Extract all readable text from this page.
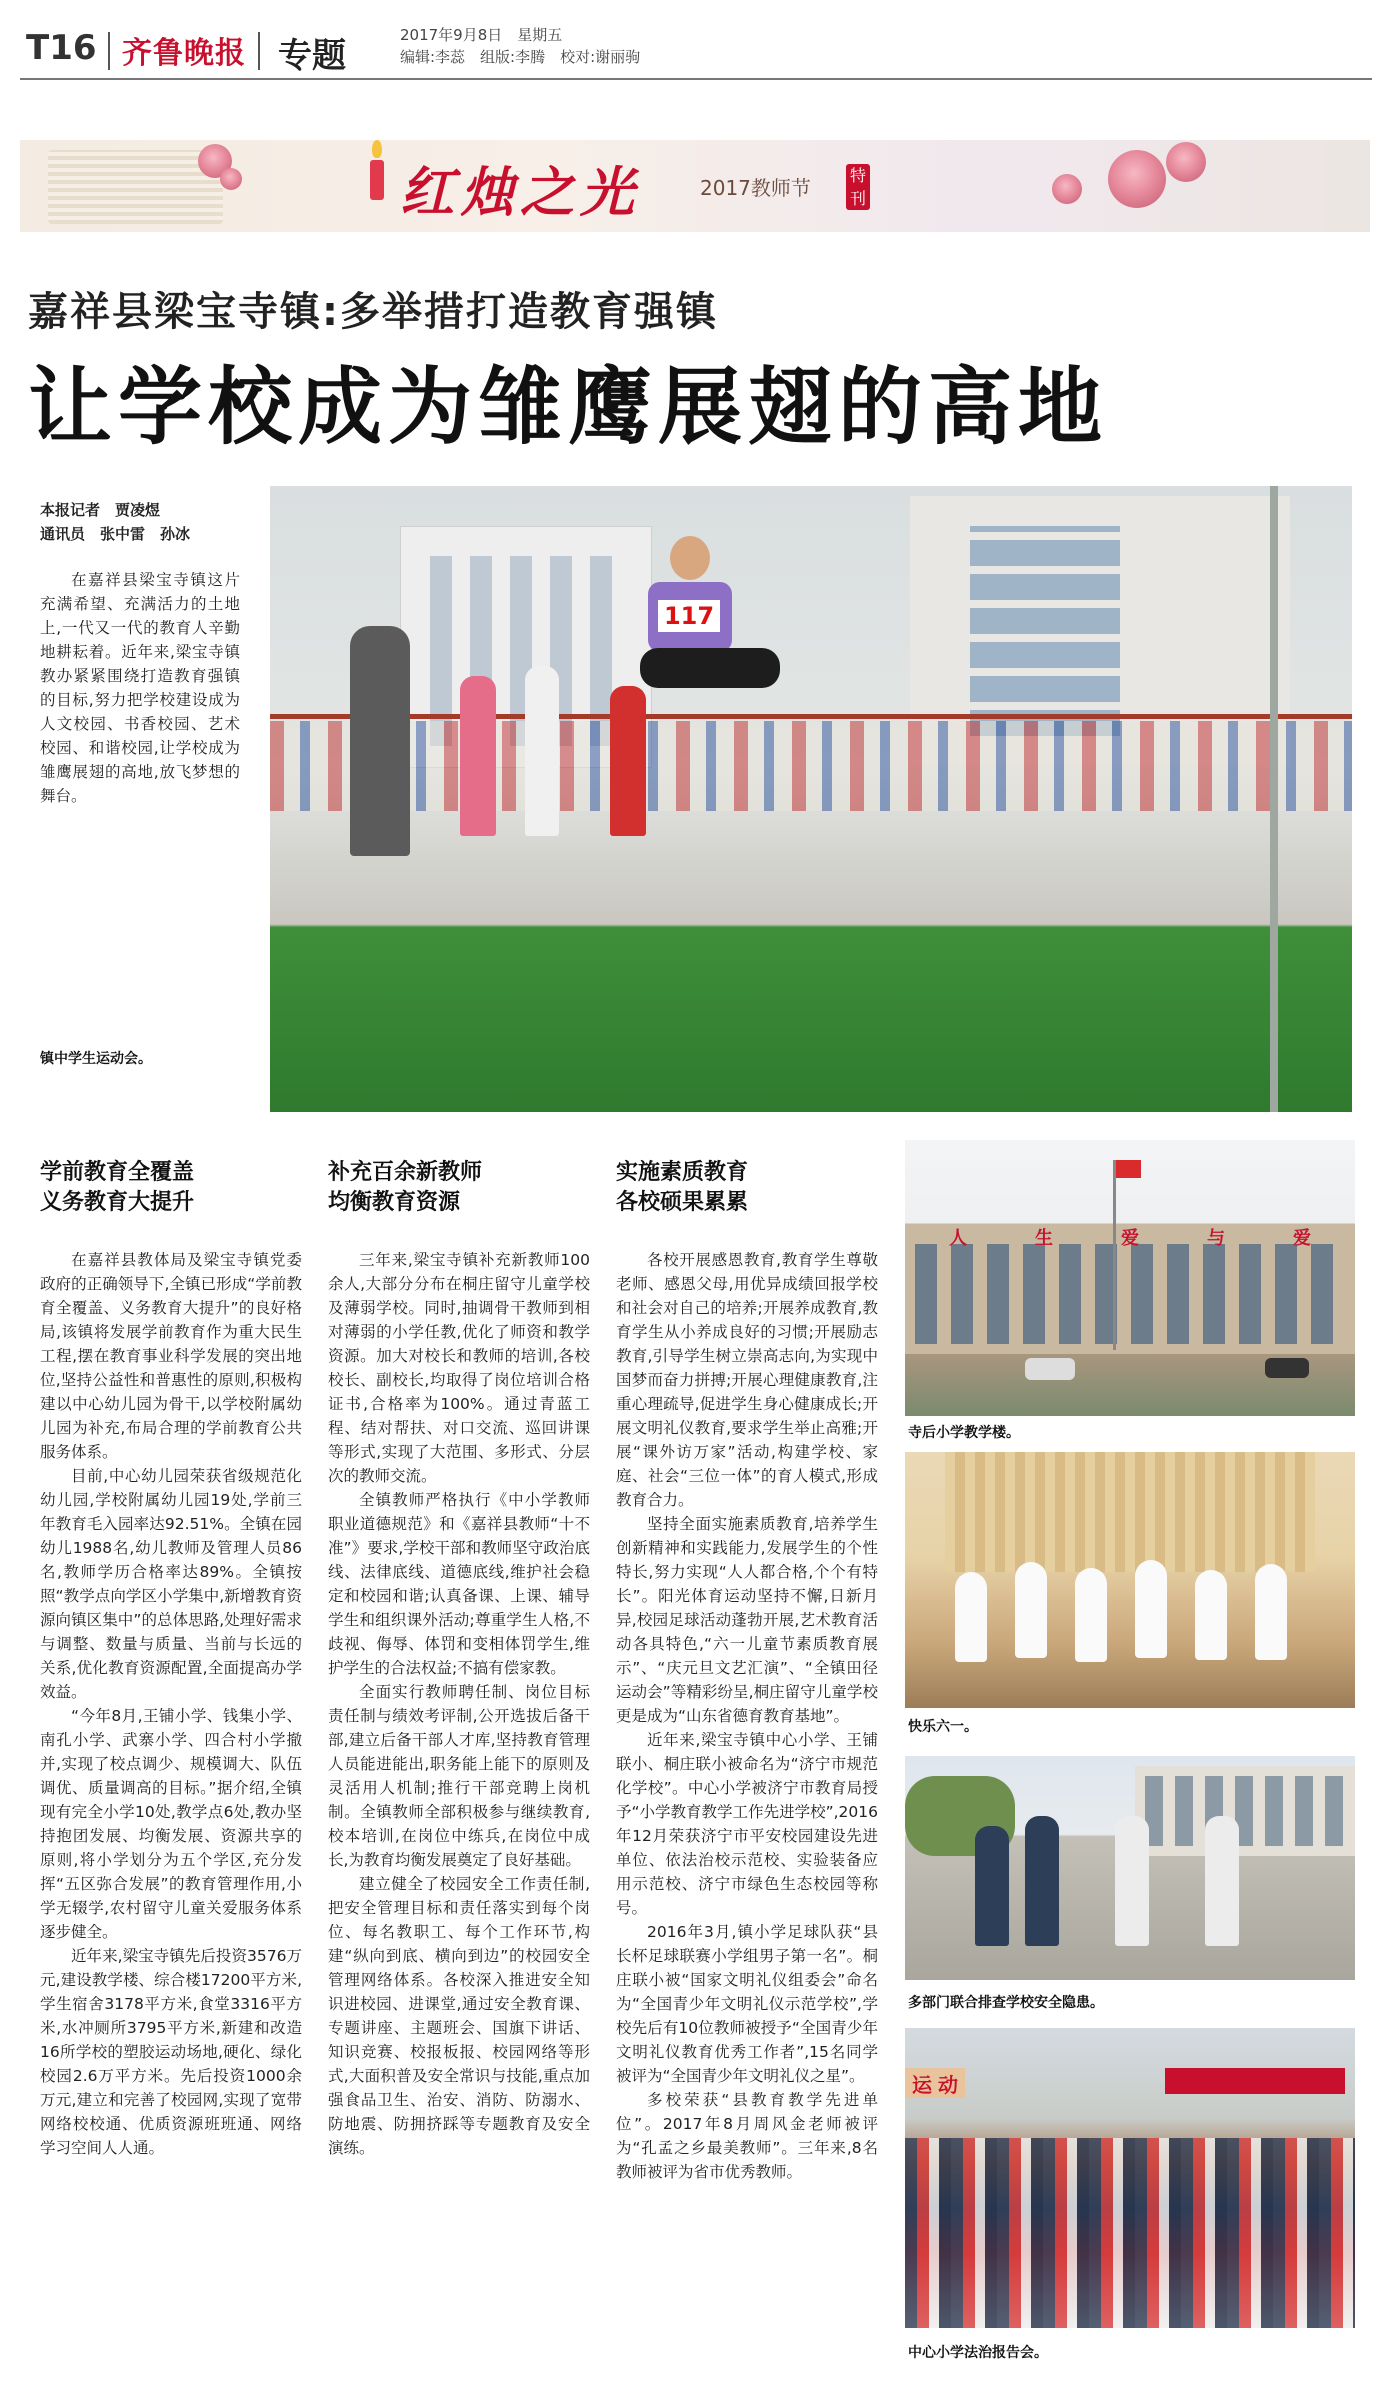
T16 齐鲁晚报 专题
2017年9月8日　星期五
编辑:李蕊　组版:李腾　校对:谢丽驹
红烛之光	2017教师节
特刊
嘉祥县梁宝寺镇:多举措打造教育强镇
让学校成为雏鹰展翅的高地
本报记者　贾凌煜
通讯员　张中雷　孙冰
在嘉祥县梁宝寺镇这片充满希望、充满活力的土地上,一代又一代的教育人辛勤地耕耘着。近年来,梁宝寺镇教办紧紧围绕打造教育强镇的目标,努力把学校建设成为人文校园、书香校园、艺术校园、和谐校园,让学校成为雏鹰展翅的高地,放飞梦想的舞台。
117
镇中学生运动会。
学前教育全覆盖
义务教育大提升

在嘉祥县教体局及梁宝寺镇党委政府的正确领导下,全镇已形成“学前教育全覆盖、义务教育大提升”的良好格局,该镇将发展学前教育作为重大民生工程,摆在教育事业科学发展的突出地位,坚持公益性和普惠性的原则,积极构建以中心幼儿园为骨干,以学校附属幼儿园为补充,布局合理的学前教育公共服务体系。

目前,中心幼儿园荣获省级规范化幼儿园,学校附属幼儿园19处,学前三年教育毛入园率达92.51%。全镇在园幼儿1988名,幼儿教师及管理人员86名,教师学历合格率达89%。全镇按照“教学点向学区小学集中,新增教育资源向镇区集中”的总体思路,处理好需求与调整、数量与质量、当前与长远的关系,优化教育资源配置,全面提高办学效益。

“今年8月,王铺小学、钱集小学、南孔小学、武寨小学、四合村小学撤并,实现了校点调少、规模调大、队伍调优、质量调高的目标。”据介绍,全镇现有完全小学10处,教学点6处,教办坚持抱团发展、均衡发展、资源共享的原则,将小学划分为五个学区,充分发挥“五区弥合发展”的教育管理作用,小学无辍学,农村留守儿童关爱服务体系逐步健全。

近年来,梁宝寺镇先后投资3576万元,建设教学楼、综合楼17200平方米,学生宿舍3178平方米,食堂3316平方米,水冲厕所3795平方米,新建和改造16所学校的塑胶运动场地,硬化、绿化校园2.6万平方米。先后投资1000余万元,建立和完善了校园网,实现了宽带网络校校通、优质资源班班通、网络学习空间人人通。

补充百余新教师
均衡教育资源

三年来,梁宝寺镇补充新教师100余人,大部分分布在桐庄留守儿童学校及薄弱学校。同时,抽调骨干教师到相对薄弱的小学任教,优化了师资和教学资源。加大对校长和教师的培训,各校校长、副校长,均取得了岗位培训合格证书,合格率为100%。通过青蓝工程、结对帮扶、对口交流、巡回讲课等形式,实现了大范围、多形式、分层次的教师交流。

全镇教师严格执行《中小学教师职业道德规范》和《嘉祥县教师“十不准”》要求,学校干部和教师坚守政治底线、法律底线、道德底线,维护社会稳定和校园和谐;认真备课、上课、辅导学生和组织课外活动;尊重学生人格,不歧视、侮辱、体罚和变相体罚学生,维护学生的合法权益;不搞有偿家教。

全面实行教师聘任制、岗位目标责任制与绩效考评制,公开选拔后备干部,建立后备干部人才库,坚持教育管理人员能进能出,职务能上能下的原则及灵活用人机制;推行干部竞聘上岗机制。全镇教师全部积极参与继续教育,校本培训,在岗位中练兵,在岗位中成长,为教育均衡发展奠定了良好基础。

建立健全了校园安全工作责任制,把安全管理目标和责任落实到每个岗位、每名教职工、每个工作环节,构建“纵向到底、横向到边”的校园安全管理网络体系。各校深入推进安全知识进校园、进课堂,通过安全教育课、专题讲座、主题班会、国旗下讲话、知识竞赛、校报板报、校园网络等形式,大面积普及安全常识与技能,重点加强食品卫生、治安、消防、防溺水、防地震、防拥挤踩等专题教育及安全演练。

实施素质教育
各校硕果累累

各校开展感恩教育,教育学生尊敬老师、感恩父母,用优异成绩回报学校和社会对自己的培养;开展养成教育,教育学生从小养成良好的习惯;开展励志教育,引导学生树立崇高志向,为实现中国梦而奋力拼搏;开展心理健康教育,注重心理疏导,促进学生身心健康成长;开展文明礼仪教育,要求学生举止高雅;开展“课外访万家”活动,构建学校、家庭、社会“三位一体”的育人模式,形成教育合力。

坚持全面实施素质教育,培养学生创新精神和实践能力,发展学生的个性特长,努力实现“人人都合格,个个有特长”。阳光体育运动坚持不懈,日新月异,校园足球活动蓬勃开展,艺术教育活动各具特色,“六一儿童节素质教育展示”、“庆元旦文艺汇演”、“全镇田径运动会”等精彩纷呈,桐庄留守儿童学校更是成为“山东省德育教育基地”。

近年来,梁宝寺镇中心小学、王铺联小、桐庄联小被命名为“济宁市规范化学校”。中心小学被济宁市教育局授予“小学教育教学工作先进学校”,2016年12月荣获济宁市平安校园建设先进单位、依法治校示范校、实验装备应用示范校、济宁市绿色生态校园等称号。

2016年3月,镇小学足球队获“县长杯足球联赛小学组男子第一名”。桐庄联小被“国家文明礼仪组委会”命名为“全国青少年文明礼仪示范学校”,学校先后有10位教师被授予“全国青少年文明礼仪教育优秀工作者”,15名同学被评为“全国青少年文明礼仪之星”。

多校荣获“县教育教学先进单位”。2017年8月周风金老师被评为“孔孟之乡最美教师”。三年来,8名教师被评为省市优秀教师。

人	生	爱	与	爱
寺后小学教学楼。
快乐六一。
多部门联合排查学校安全隐患。
运 动
中心小学法治报告会。
